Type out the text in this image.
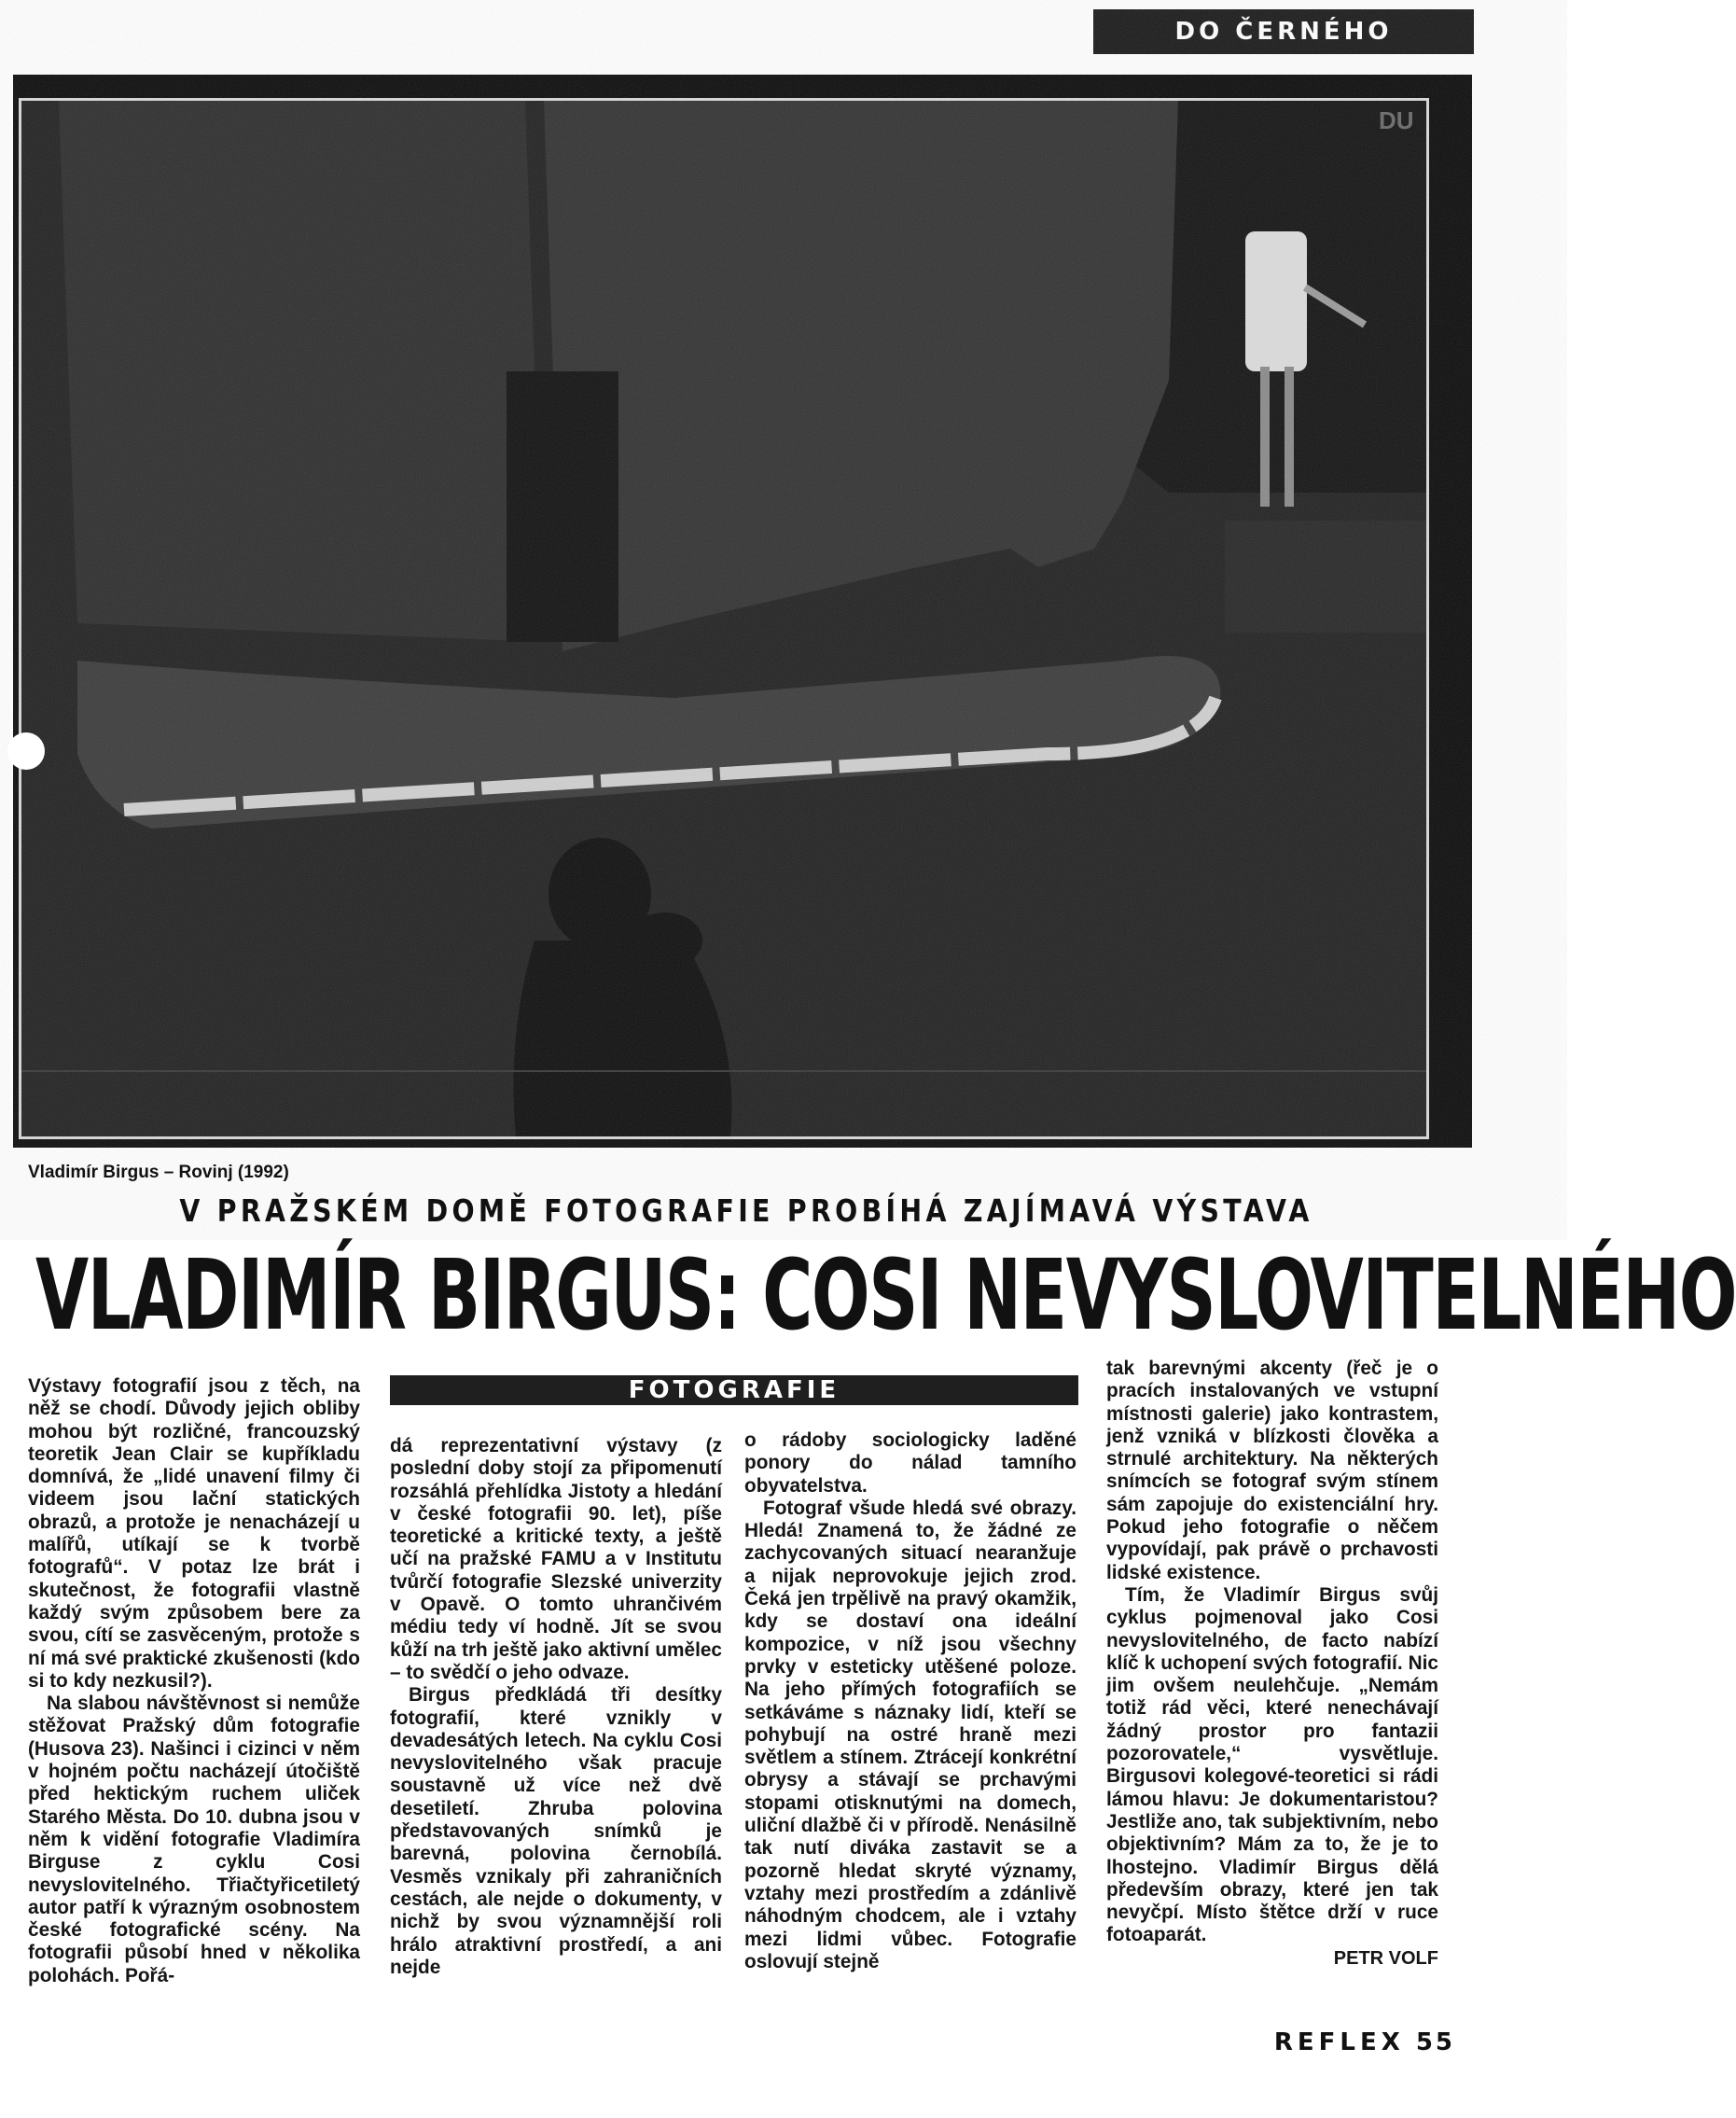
DO ČERNÉHO
Vladimír Birgus – Rovinj (1992)
V PRAŽSKÉM DOMĚ FOTOGRAFIE PROBÍHÁ ZAJÍMAVÁ VÝSTAVA
VLADIMÍR BIRGUS: COSI NEVYSLOVITELNÉHO

Výstavy fotografií jsou z těch, na něž se chodí. Důvody jejich obliby mohou být rozličné, francouzský teoretik Jean Clair se kupříkladu domnívá, že „lidé unavení filmy či videem jsou lační statických obrazů, a protože je nenacházejí u malířů, utíkají se k tvorbě fotografů“. V potaz lze brát i skutečnost, že fotografii vlastně každý svým způsobem bere za svou, cítí se zasvěceným, protože s ní má své praktické zkušenosti (kdo si to kdy nezkusil?).

Na slabou návštěvnost si nemůže stěžovat Pražský dům fotografie (Husova 23). Našinci i cizinci v něm v hojném počtu nacházejí útočiště před hektickým ruchem uliček Starého Města. Do 10. dubna jsou v něm k vidění fotografie Vladimíra Birguse z cyklu Cosi nevyslovitelného. Třiačtyřicetiletý autor patří k výrazným osobnostem české fotografické scény. Na fotografii působí hned v několika polohách. Pořá-

FOTOGRAFIE

dá reprezentativní výstavy (z poslední doby stojí za připomenutí rozsáhlá přehlídka Jistoty a hledání v české fotografii 90. let), píše teoretické a kritické texty, a ještě učí na pražské FAMU a v Institutu tvůrčí fotografie Slezské univerzity v Opavě. O tomto uhrančivém médiu tedy ví hodně. Jít se svou kůží na trh ještě jako aktivní umělec – to svědčí o jeho odvaze.

Birgus předkládá tři desítky fotografií, které vznikly v devadesátých letech. Na cyklu Cosi nevyslovitelného však pracuje soustavně už více než dvě desetiletí. Zhruba polovina představovaných snímků je barevná, polovina černobílá. Vesměs vznikaly při zahraničních cestách, ale nejde o dokumenty, v nichž by svou významnější roli hrálo atraktivní prostředí, a ani nejde

o rádoby sociologicky laděné ponory do nálad tamního obyvatelstva.

Fotograf všude hledá své obrazy. Hledá! Znamená to, že žádné ze zachycovaných situací nearanžuje a nijak neprovokuje jejich zrod. Čeká jen trpělivě na pravý okamžik, kdy se dostaví ona ideální kompozice, v níž jsou všechny prvky v esteticky utěšené poloze. Na jeho přímých fotografiích se setkáváme s náznaky lidí, kteří se pohybují na ostré hraně mezi světlem a stínem. Ztrácejí konkrétní obrysy a stávají se prchavými stopami otisknutými na domech, uliční dlažbě či v přírodě. Nenásilně tak nutí diváka zastavit se a pozorně hledat skryté významy, vztahy mezi prostředím a zdánlivě náhodným chodcem, ale i vztahy mezi lidmi vůbec. Fotografie oslovují stejně

tak barevnými akcenty (řeč je o pracích instalovaných ve vstupní místnosti galerie) jako kontrastem, jenž vzniká v blízkosti člověka a strnulé architektury. Na některých snímcích se fotograf svým stínem sám zapojuje do existenciální hry. Pokud jeho fotografie o něčem vypovídají, pak právě o prchavosti lidské existence.

Tím, že Vladimír Birgus svůj cyklus pojmenoval jako Cosi nevyslovitelného, de facto nabízí klíč k uchopení svých fotografií. Nic jim ovšem neulehčuje. „Nemám totiž rád věci, které nenechávají žádný prostor pro fantazii pozorovatele,“ vysvětluje. Birgusovi kolegové-teoretici si rádi lámou hlavu: Je dokumentaristou? Jestliže ano, tak subjektivním, nebo objektivním? Mám za to, že je to lhostejno. Vladimír Birgus dělá především obrazy, které jen tak nevyčpí. Místo štětce drží v ruce fotoaparát.

PETR VOLF
REFLEX 55
